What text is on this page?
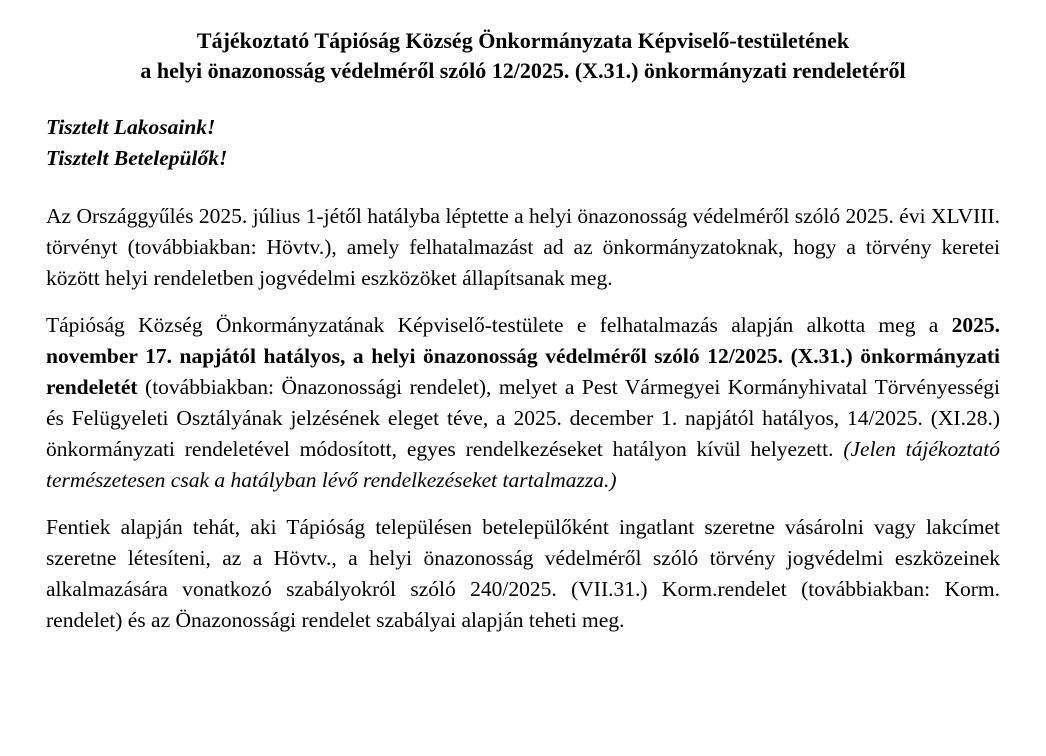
Tájékoztató Tápióság Község Önkormányzata Képviselő-testületének
a helyi önazonosság védelméről szóló 12/2025. (X.31.) önkormányzati rendeletéről
Tisztelt Lakosaink!
Tisztelt Betelepülők!

Az Országgyűlés 2025. július 1-jétől hatályba léptette a helyi önazonosság védelméről szóló 2025. évi XLVIII. törvényt (továbbiakban: Hövtv.), amely felhatalmazást ad az önkormányzatoknak, hogy a törvény keretei között helyi rendeletben jogvédelmi eszközöket állapítsanak meg.

Tápióság Község Önkormányzatának Képviselő-testülete e felhatalmazás alapján alkotta meg a 2025. november 17. napjától hatályos, a helyi önazonosság védelméről szóló 12/2025. (X.31.) önkormányzati rendeletét (továbbiakban: Önazonossági rendelet), melyet a Pest Vármegyei Kormányhivatal Törvényességi és Felügyeleti Osztályának jelzésének eleget téve, a 2025. december 1. napjától hatályos, 14/2025. (XI.28.) önkormányzati rendeletével módosított, egyes rendelkezéseket hatályon kívül helyezett. (Jelen tájékoztató természetesen csak a hatályban lévő rendelkezéseket tartalmazza.)

Fentiek alapján tehát, aki Tápióság településen betelepülőként ingatlant szeretne vásárolni vagy lakcímet szeretne létesíteni, az a Hövtv., a helyi önazonosság védelméről szóló törvény jogvédelmi eszközeinek alkalmazására vonatkozó szabályokról szóló 240/2025. (VII.31.) Korm.rendelet (továbbiakban: Korm. rendelet) és az Önazonossági rendelet szabályai alapján teheti meg.
